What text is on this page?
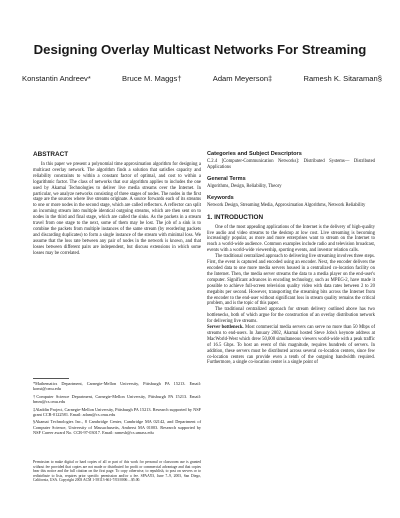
Designing Overlay Multicast Networks For Streaming
Konstantin Andreev*	Bruce M. Maggs†	Adam Meyerson‡	Ramesh K. Sitaraman§
ABSTRACT

In this paper we present a polynomial time approximation algorithm for designing a multicast overlay network. The algorithm finds a solution that satisfies capacity and reliability constraints to within a constant factor of optimal, and cost to within a logarithmic factor. The class of networks that our algorithm applies to includes the one used by Akamai Technologies to deliver live media streams over the Internet. In particular, we analyze networks consisting of three stages of nodes. The nodes in the first stage are the sources where live streams originate. A source forwards each of its streams to one or more nodes in the second stage, which are called reflectors. A reflector can split an incoming stream into multiple identical outgoing streams, which are then sent on to nodes in the third and final stage, which are called the sinks. As the packets in a stream travel from one stage to the next, some of them may be lost. The job of a sink is to combine the packets from multiple instances of the same stream (by reordering packets and discarding duplicates) to form a single instance of the stream with minimal loss. We assume that the loss rate between any pair of nodes in the network is known, and that losses between different pairs are independent, but discuss extensions in which some losses may be correlated.

*Mathematics Department, Carnegie-Mellon University, Pittsburgh PA 15213. Email: konst@cmu.edu

†Computer Science Department, Carnegie-Mellon University, Pittsburgh PA 15213. Email: bmm@cs.cmu.edu

‡Aladdin Project, Carnegie-Mellon University, Pittsburgh PA 15213. Research supported by NSF grant CCR-0122581. Email: adam@cs.cmu.edu

§Akamai Technologies Inc., 8 Cambridge Center, Cambridge MA 02142, and Department of Computer Science, University of Massachusetts, Amherst MA 01003. Research supported by NSF Career award No. CCR-97-03017. Email: ramesh@cs.umass.edu

Permission to make digital or hard copies of all or part of this work for personal or classroom use is granted without fee provided that copies are not made or distributed for profit or commercial advantage and that copies bear this notice and the full citation on the first page. To copy otherwise, to republish, to post on servers or to redistribute to lists, requires prior specific permission and/or a fee. SPAA'03, June 7–9, 2003, San Diego, California, USA. Copyright 2003 ACM 1-58113-661-7/03/0006 ...$5.00.
Categories and Subject Descriptors

C.2.4 [Computer-Communication Networks]: Distributed Systems— Distributed Applications

General Terms

Algorithms, Design, Reliability, Theory

Keywords

Network Design, Streaming Media, Approximation Algorithms, Network Reliability

1. INTRODUCTION

One of the most appealing applications of the Internet is the delivery of high-quality live audio and video streams to the desktop at low cost. Live streaming is becoming increasingly popular, as more and more enterprises want to stream on the Internet to reach a world-wide audience. Common examples include radio and television broadcast, events with a world-wide viewership, sporting events, and investor relation calls.

The traditional centralized approach to delivering live streaming involves three steps. First, the event is captured and encoded using an encoder. Next, the encoder delivers the encoded data to one more media servers housed in a centralized co-location facility on the Internet. Then, the media server streams the data to a media player on the end-user's computer. Significant advances in encoding technology, such as MPEG-2, have made it possible to achieve full-screen television quality video with data rates between 2 to 20 megabits per second. However, transporting the streaming bits across the Internet from the encoder to the end-user without significant loss in stream quality remains the critical problem, and is the topic of this paper.

The traditional centralized approach for stream delivery outlined above has two bottlenecks, both of which argue for the construction of an overlay distribution network for delivering live streams.

Server bottleneck. Most commercial media servers can serve no more than 50 Mbps of streams to end-users. In January 2002, Akamai hosted Steve Jobs's keynote address at MacWorld-West which drew 50,000 simultaneous viewers world-wide with a peak traffic of 16.5 Gbps. To host an event of this magnitude, requires hundreds of servers. In addition, these servers must be distributed across several co-location centers, since few co-location centers can provide even a tenth of the outgoing bandwidth required. Furthermore, a single co-location center is a single point of
